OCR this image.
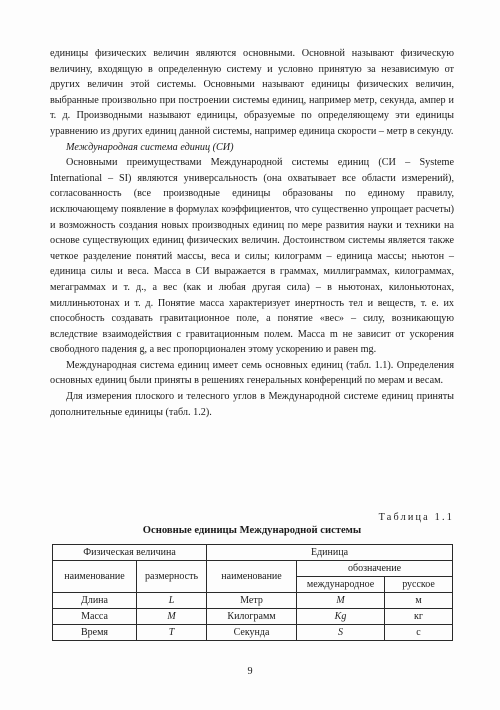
единицы физических величин являются основными. Основной называют физическую величину, входящую в определенную систему и условно принятую за независимую от других величин этой системы. Основными называют единицы физических величин, выбранные произвольно при построении системы единиц, например метр, секунда, ампер и т. д. Производными называют единицы, образуемые по определяющему эти единицы уравнению из других единиц данной системы, например единица скорости – метр в секунду.

Международная система единиц (СИ)

Основными преимуществами Международной системы единиц (СИ – Systeme International – SI) являются универсальность (она охватывает все области измерений), согласованность (все производные единицы образованы по единому правилу, исключающему появление в формулах коэффициентов, что существенно упрощает расчеты) и возможность создания новых производных единиц по мере развития науки и техники на основе существующих единиц физических величин. Достоинством системы является также четкое разделение понятий массы, веса и силы; килограмм – единица массы; ньютон – единица силы и веса. Масса в СИ выражается в граммах, миллиграммах, килограммах, мегаграммах и т. д., а вес (как и любая другая сила) – в ньютонах, килоньютонах, миллиньютонах и т. д. Понятие масса характеризует инертность тел и веществ, т. е. их способность создавать гравитационное поле, а понятие «вес» – силу, возникающую вследствие взаимодействия с гравитационным полем. Масса m не зависит от ускорения свободного падения g, а вес пропорционален этому ускорению и равен mg.

Международная система единиц имеет семь основных единиц (табл. 1.1). Определения основных единиц были приняты в решениях генеральных конференций по мерам и весам.

Для измерения плоского и телесного углов в Международной системе единиц приняты дополнительные единицы (табл. 1.2).

Таблица 1.1
Основные единицы Международной системы
Физическая величина		Единица		
наименование	размерность	наименование	обозначение	
			международное	русское
Длина	L	Метр	M	м
Масса	M	Килограмм	Kg	кг
Время	T	Секунда	S	с
9
